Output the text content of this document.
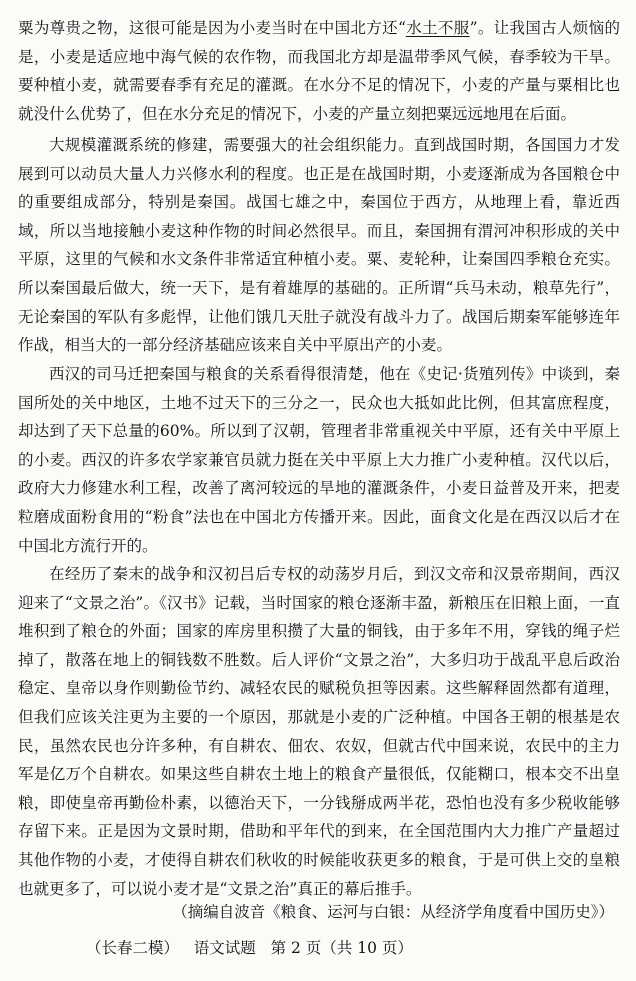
粟为尊贵之物，这很可能是因为小麦当时在中国北方还“水土不服”。让我国古人烦恼的是，小麦是适应地中海气候的农作物，而我国北方却是温带季风气候，春季较为干旱。要种植小麦，就需要春季有充足的灌溉。在水分不足的情况下，小麦的产量与粟相比也就没什么优势了，但在水分充足的情况下，小麦的产量立刻把粟远远地甩在后面。

大规模灌溉系统的修建，需要强大的社会组织能力。直到战国时期，各国国力才发展到可以动员大量人力兴修水利的程度。也正是在战国时期，小麦逐渐成为各国粮仓中的重要组成部分，特别是秦国。战国七雄之中，秦国位于西方，从地理上看，靠近西域，所以当地接触小麦这种作物的时间必然很早。而且，秦国拥有渭河冲积形成的关中平原，这里的气候和水文条件非常适宜种植小麦。粟、麦轮种，让秦国四季粮仓充实。所以秦国最后做大，统一天下，是有着雄厚的基础的。正所谓“兵马未动，粮草先行”，无论秦国的军队有多彪悍，让他们饿几天肚子就没有战斗力了。战国后期秦军能够连年作战，相当大的一部分经济基础应该来自关中平原出产的小麦。

西汉的司马迁把秦国与粮食的关系看得很清楚，他在《史记·货殖列传》中谈到，秦国所处的关中地区，土地不过天下的三分之一，民众也大抵如此比例，但其富庶程度，却达到了天下总量的60%。所以到了汉朝，管理者非常重视关中平原，还有关中平原上的小麦。西汉的许多农学家兼官员就力挺在关中平原上大力推广小麦种植。汉代以后，政府大力修建水利工程，改善了离河较远的旱地的灌溉条件，小麦日益普及开来，把麦粒磨成面粉食用的“粉食”法也在中国北方传播开来。因此，面食文化是在西汉以后才在中国北方流行开的。

在经历了秦末的战争和汉初吕后专权的动荡岁月后，到汉文帝和汉景帝期间，西汉迎来了“文景之治”。《汉书》记载，当时国家的粮仓逐渐丰盈，新粮压在旧粮上面，一直堆积到了粮仓的外面；国家的库房里积攒了大量的铜钱，由于多年不用，穿钱的绳子烂掉了，散落在地上的铜钱数不胜数。后人评价“文景之治”，大多归功于战乱平息后政治稳定、皇帝以身作则勤俭节约、减轻农民的赋税负担等因素。这些解释固然都有道理，但我们应该关注更为主要的一个原因，那就是小麦的广泛种植。中国各王朝的根基是农民，虽然农民也分许多种，有自耕农、佃农、农奴，但就古代中国来说，农民中的主力军是亿万个自耕农。如果这些自耕农土地上的粮食产量很低，仅能糊口，根本交不出皇粮，即使皇帝再勤俭朴素，以德治天下，一分钱掰成两半花，恐怕也没有多少税收能够存留下来。正是因为文景时期，借助和平年代的到来，在全国范围内大力推广产量超过其他作物的小麦，才使得自耕农们秋收的时候能收获更多的粮食，于是可供上交的皇粮也就更多了，可以说小麦才是“文景之治”真正的幕后推手。

（摘编自波音《粮食、运河与白银：从经济学角度看中国历史》）
（长春二模） 语文试题 第 2 页（共 10 页）
